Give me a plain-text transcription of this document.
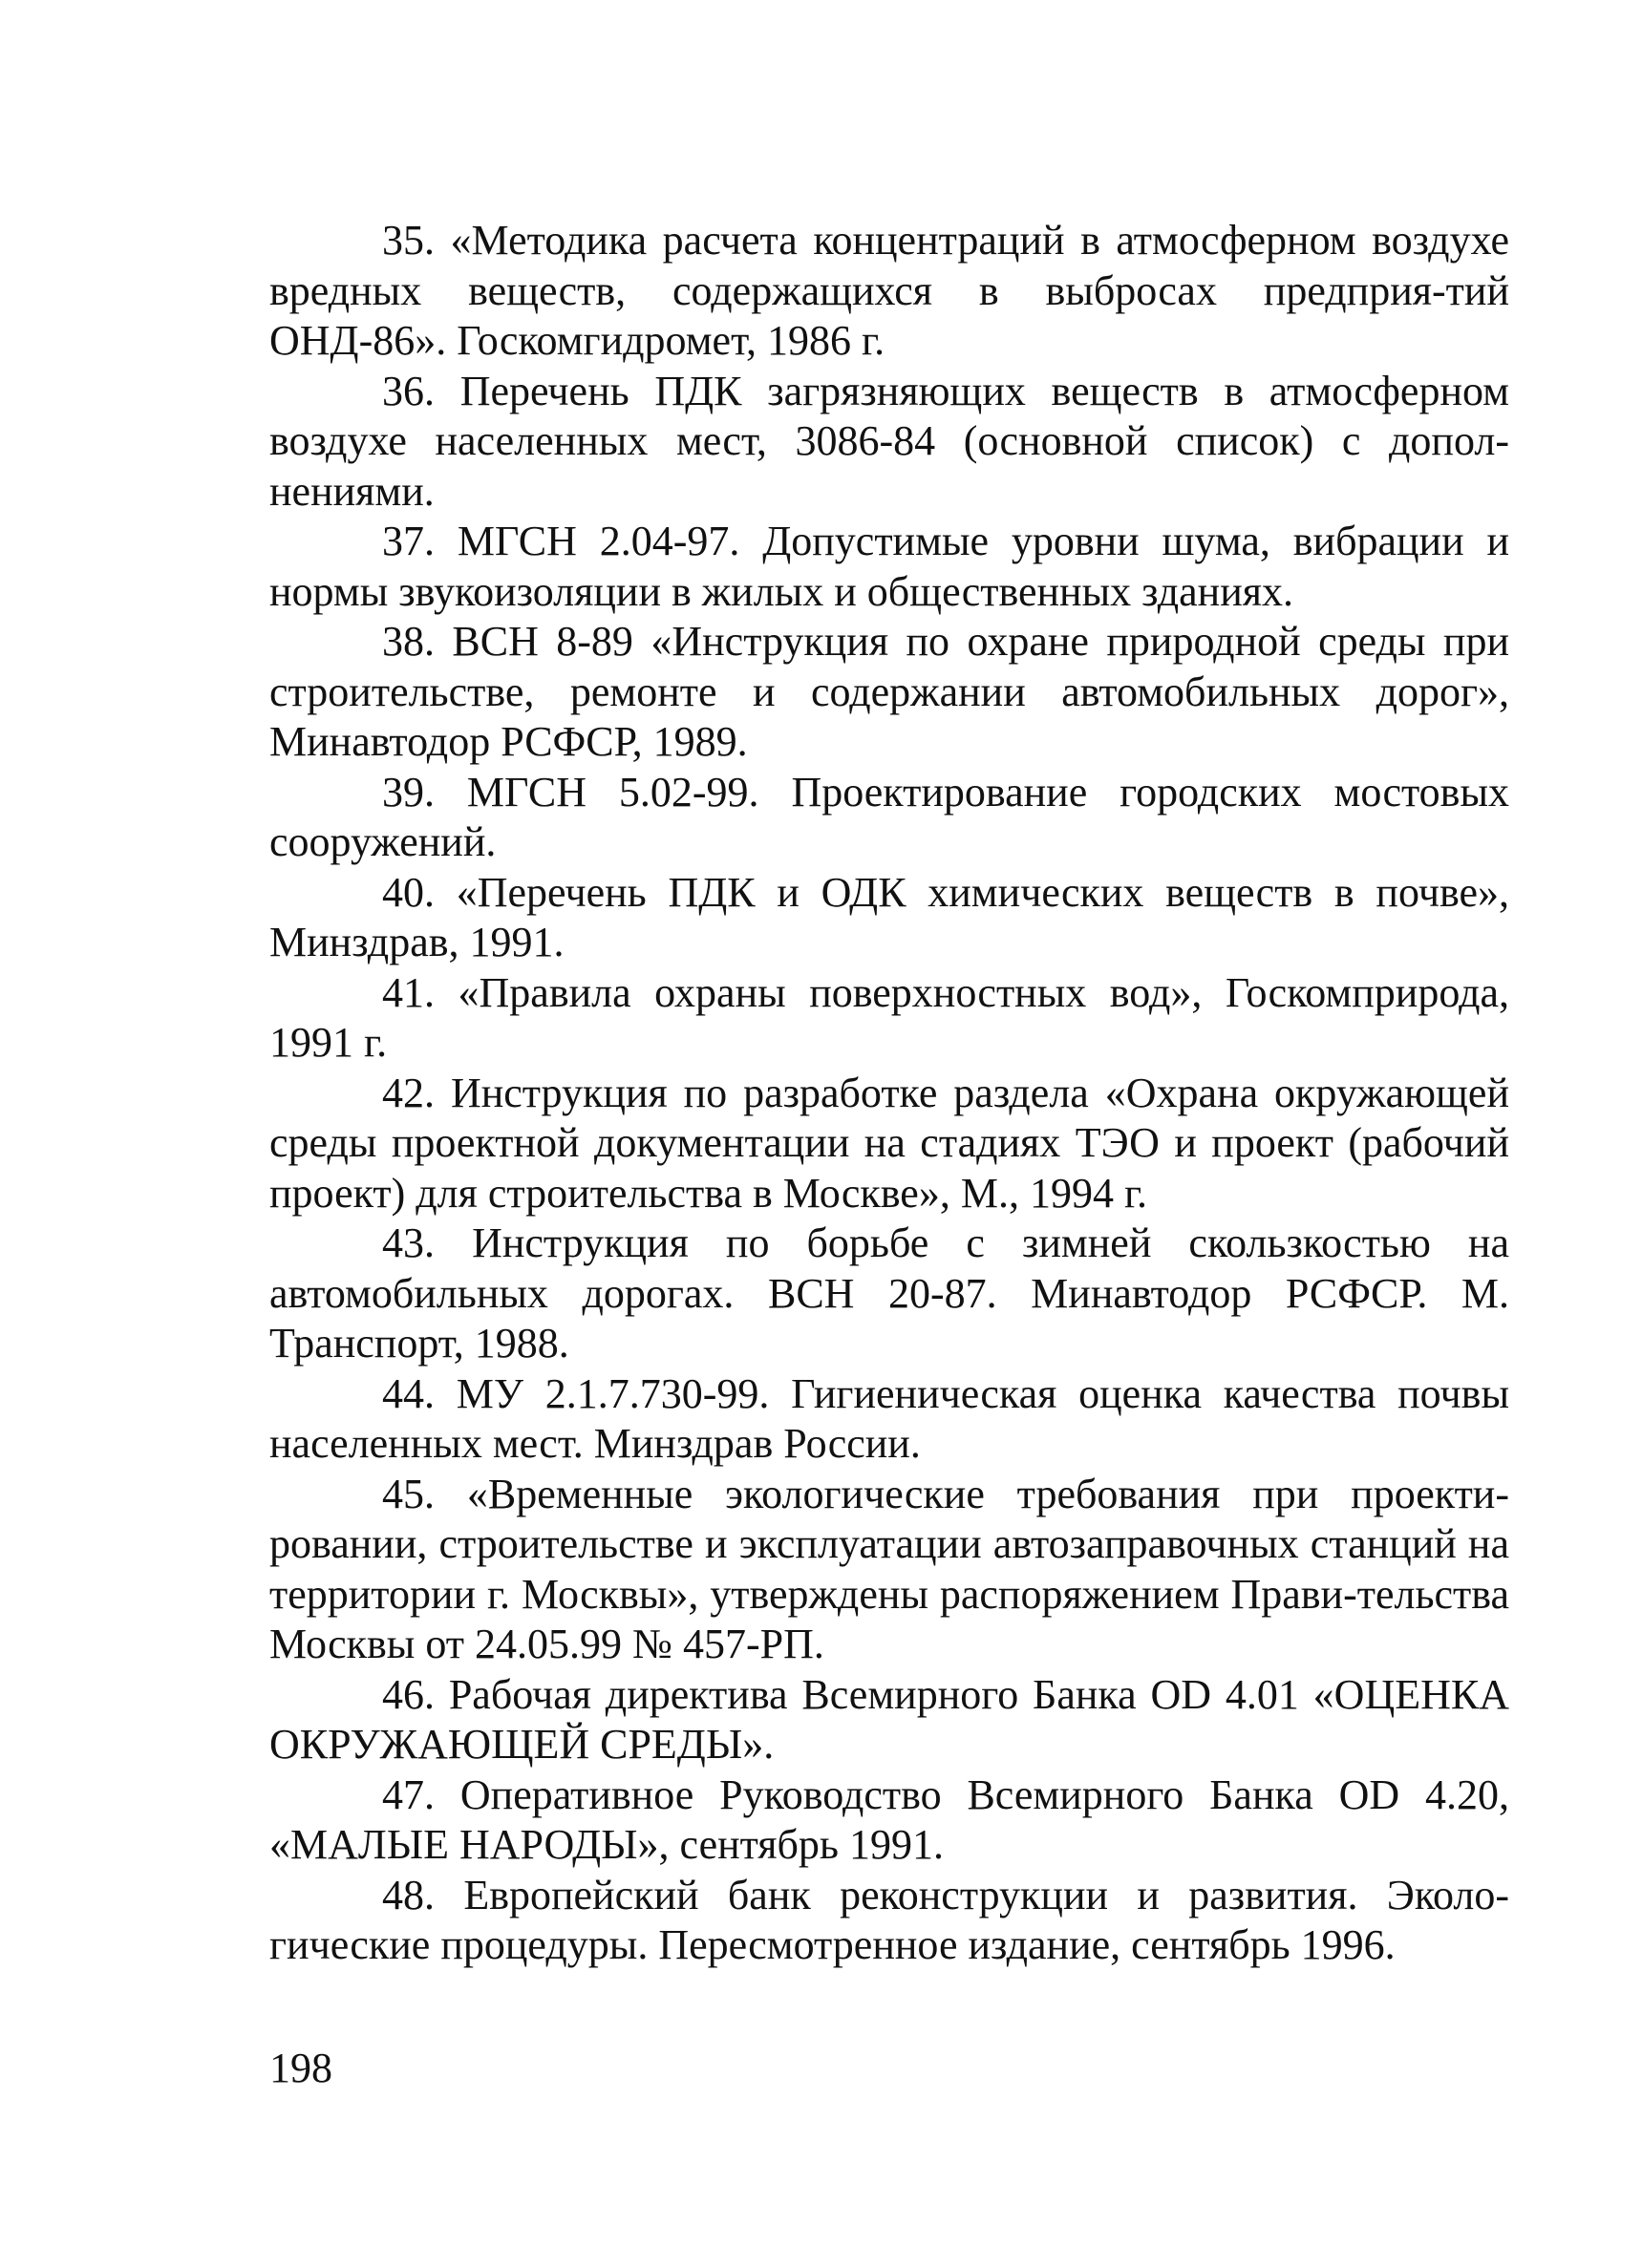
35. «Методика расчета концентраций в атмосферном воздухе вредных веществ, содержащихся в выбросах предприя-тий ОНД-86». Госкомгидромет, 1986 г.

36. Перечень ПДК загрязняющих веществ в атмосферном воздухе населенных мест, 3086-84 (основной список) с допол-нениями.

37. МГСН 2.04-97. Допустимые уровни шума, вибрации и нормы звукоизоляции в жилых и общественных зданиях.

38. ВСН 8-89 «Инструкция по охране природной среды при строительстве, ремонте и содержании автомобильных дорог», Минавтодор РСФСР, 1989.

39. МГСН 5.02-99. Проектирование городских мостовых сооружений.

40. «Перечень ПДК и ОДК химических веществ в почве», Минздрав, 1991.

41. «Правила охраны поверхностных вод», Госкомприрода, 1991 г.

42. Инструкция по разработке раздела «Охрана окружающей среды проектной документации на стадиях ТЭО и проект (рабочий проект) для строительства в Москве», М., 1994 г.

43. Инструкция по борьбе с зимней скользкостью на автомобильных дорогах. ВСН 20-87. Минавтодор РСФСР. М. Транспорт, 1988.

44. МУ 2.1.7.730-99. Гигиеническая оценка качества почвы населенных мест. Минздрав России.

45. «Временные экологические требования при проекти-ровании, строительстве и эксплуатации автозаправочных станций на территории г. Москвы», утверждены распоряжением Прави-тельства Москвы от 24.05.99 № 457-РП.

46. Рабочая директива Всемирного Банка OD 4.01 «ОЦЕНКА ОКРУЖАЮЩЕЙ СРЕДЫ».

47. Оперативное Руководство Всемирного Банка OD 4.20, «МАЛЫЕ НАРОДЫ», сентябрь 1991.

48. Европейский банк реконструкции и развития. Эколо-гические процедуры. Пересмотренное издание, сентябрь 1996.

198
